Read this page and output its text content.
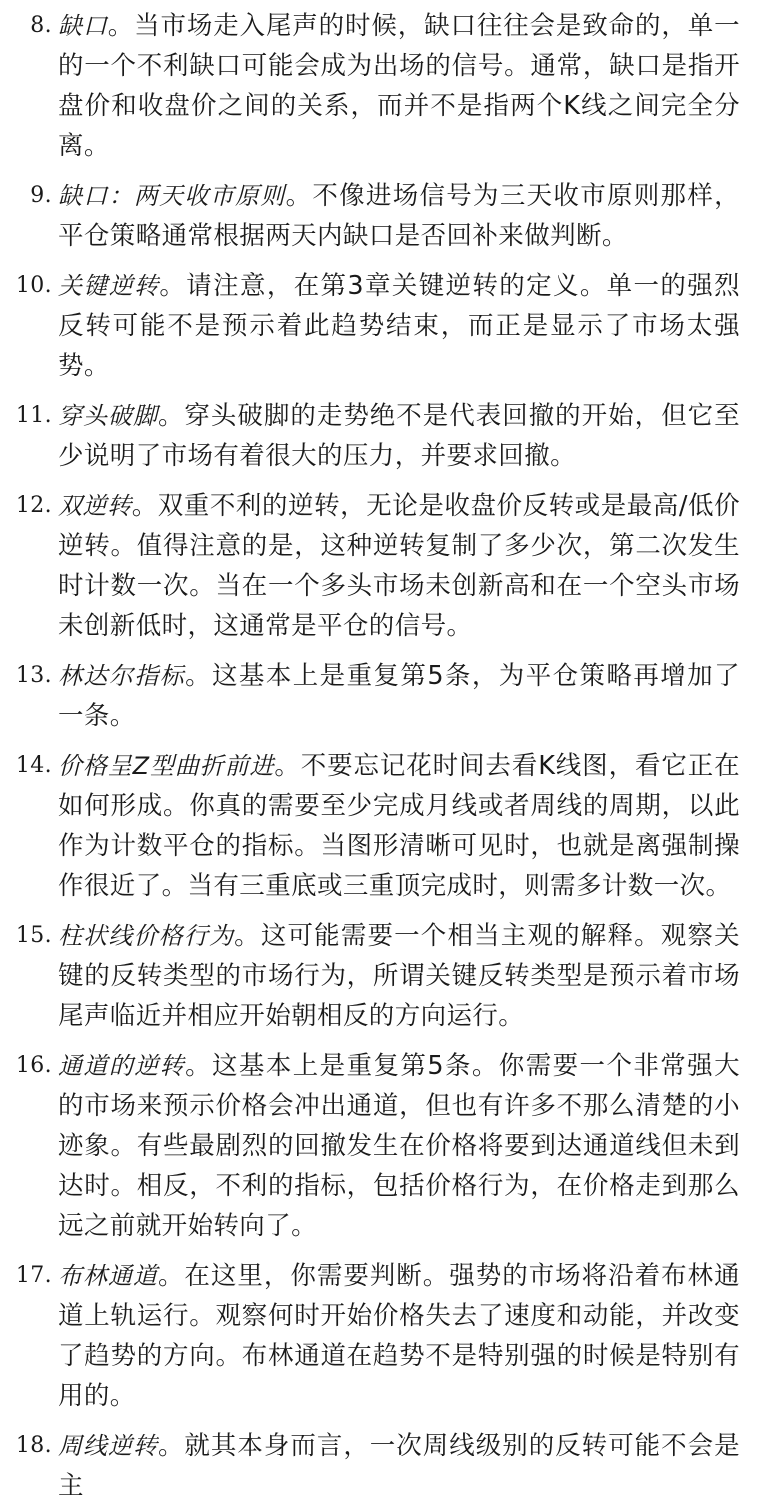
8. 缺口。当市场走入尾声的时候，缺口往往会是致命的，单一的一个不利缺口可能会成为出场的信号。通常，缺口是指开盘价和收盘价之间的关系，而并不是指两个K线之间完全分离。
9. 缺口：两天收市原则。不像进场信号为三天收市原则那样，平仓策略通常根据两天内缺口是否回补来做判断。
10. 关键逆转。请注意，在第3章关键逆转的定义。单一的强烈反转可能不是预示着此趋势结束，而正是显示了市场太强势。
11. 穿头破脚。穿头破脚的走势绝不是代表回撤的开始，但它至少说明了市场有着很大的压力，并要求回撤。
12. 双逆转。双重不利的逆转，无论是收盘价反转或是最高/低价逆转。值得注意的是，这种逆转复制了多少次，第二次发生时计数一次。当在一个多头市场未创新高和在一个空头市场未创新低时，这通常是平仓的信号。
13. 林达尔指标。这基本上是重复第5条，为平仓策略再增加了一条。
14. 价格呈Z型曲折前进。不要忘记花时间去看K线图，看它正在如何形成。你真的需要至少完成月线或者周线的周期，以此作为计数平仓的指标。当图形清晰可见时，也就是离强制操作很近了。当有三重底或三重顶完成时，则需多计数一次。
15. 柱状线价格行为。这可能需要一个相当主观的解释。观察关键的反转类型的市场行为，所谓关键反转类型是预示着市场尾声临近并相应开始朝相反的方向运行。
16. 通道的逆转。这基本上是重复第5条。你需要一个非常强大的市场来预示价格会冲出通道，但也有许多不那么清楚的小迹象。有些最剧烈的回撤发生在价格将要到达通道线但未到达时。相反，不利的指标，包括价格行为，在价格走到那么远之前就开始转向了。
17. 布林通道。在这里，你需要判断。强势的市场将沿着布林通道上轨运行。观察何时开始价格失去了速度和动能，并改变了趋势的方向。布林通道在趋势不是特别强的时候是特别有用的。
18. 周线逆转。就其本身而言，一次周线级别的反转可能不会是主
